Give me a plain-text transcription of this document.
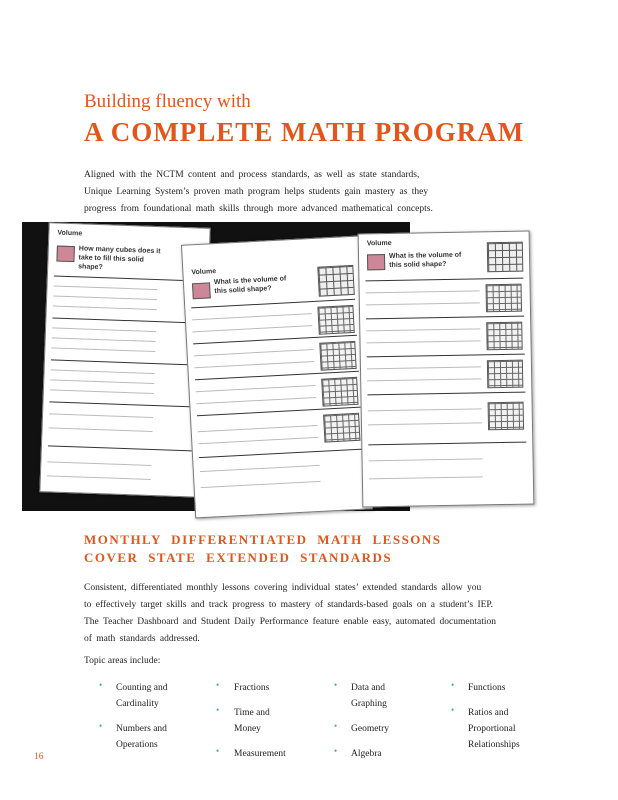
Building fluency with
A COMPLETE MATH PROGRAM
Aligned with the NCTM content and process standards, as well as state standards,
Unique Learning System’s proven math program helps students gain mastery as they
progress from foundational math skills through more advanced mathematical concepts.
Volume
How many cubes does it take to fill this solid shape?
Volume
What is the volume of this solid shape?
Volume
What is the volume of this solid shape?
MONTHLY DIFFERENTIATED MATH LESSONS
COVER STATE EXTENDED STANDARDS
Consistent, differentiated monthly lessons covering individual states’ extended standards allow you
to effectively target skills and track progress to mastery of standards-based goals on a student’s IEP.
The Teacher Dashboard and Student Daily Performance feature enable easy, automated documentation
of math standards addressed.
Topic areas include:
• Counting and
Cardinality
• Numbers and
Operations
• Fractions
• Time and
Money
• Measurement
• Data and
Graphing
• Geometry
• Algebra
• Functions
• Ratios and
Proportional
Relationships
16
